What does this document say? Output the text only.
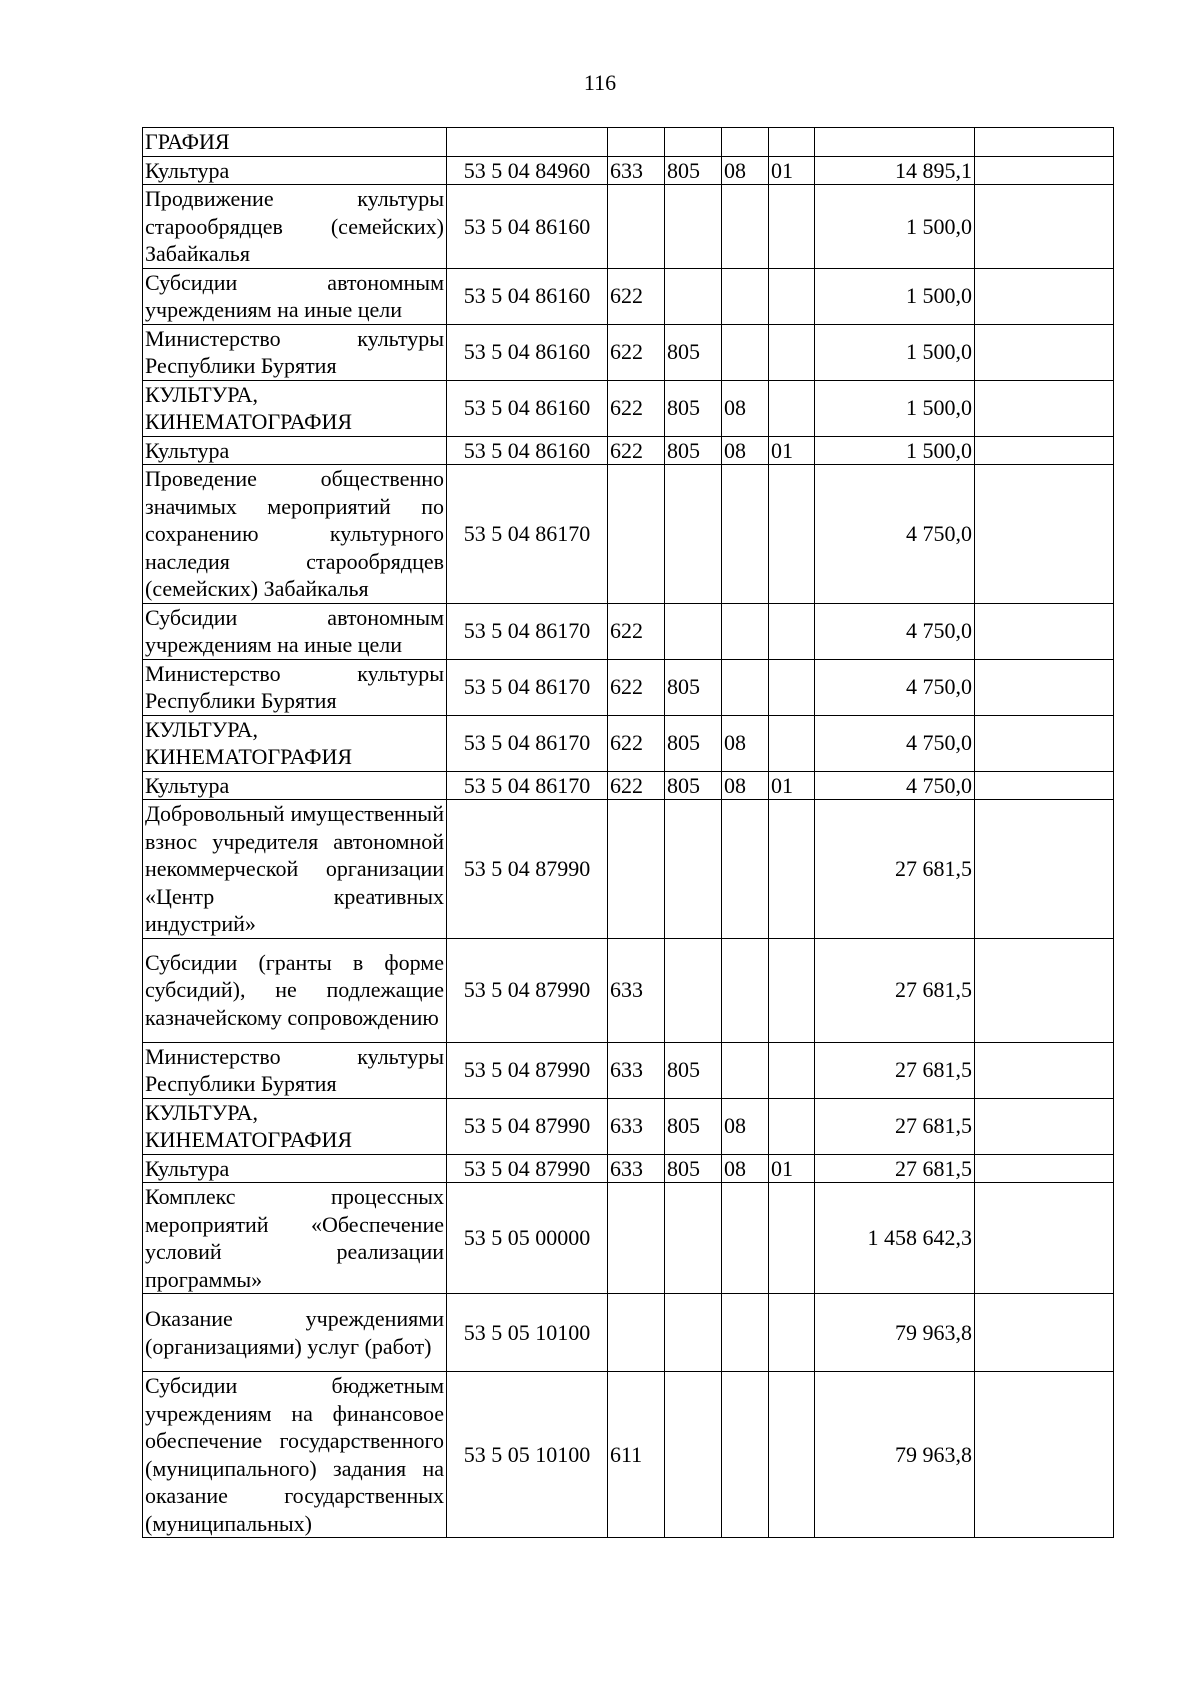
116
ГРАФИЯ							
Культура	53 5 04 84960	633	805	08	01	14 895,1	
Продвижение культуры старообрядцев (семейских) Забайкалья	53 5 04 86160					1 500,0	
Субсидии автономным учреждениям на иные цели	53 5 04 86160	622				1 500,0	
Министерство культуры Республики Бурятия	53 5 04 86160	622	805			1 500,0	
КУЛЬТУРА, КИНЕМАТОГРАФИЯ	53 5 04 86160	622	805	08		1 500,0	
Культура	53 5 04 86160	622	805	08	01	1 500,0	
Проведение общественно значимых мероприятий по сохранению культурного наследия старообрядцев (семейских) Забайкалья	53 5 04 86170					4 750,0	
Субсидии автономным учреждениям на иные цели	53 5 04 86170	622				4 750,0	
Министерство культуры Республики Бурятия	53 5 04 86170	622	805			4 750,0	
КУЛЬТУРА, КИНЕМАТОГРАФИЯ	53 5 04 86170	622	805	08		4 750,0	
Культура	53 5 04 86170	622	805	08	01	4 750,0	
Добровольный имущественный взнос учредителя автономной некоммерческой организации «Центр креативных индустрий»	53 5 04 87990					27 681,5	
Субсидии (гранты в форме субсидий), не подлежащие казначейскому сопровождению	53 5 04 87990	633				27 681,5	
Министерство культуры Республики Бурятия	53 5 04 87990	633	805			27 681,5	
КУЛЬТУРА, КИНЕМАТОГРАФИЯ	53 5 04 87990	633	805	08		27 681,5	
Культура	53 5 04 87990	633	805	08	01	27 681,5	
Комплекс процессных мероприятий «Обеспечение условий реализации программы»	53 5 05 00000					1 458 642,3	
Оказание учреждениями (организациями) услуг (работ)	53 5 05 10100					79 963,8	
Субсидии бюджетным учреждениям на финансовое обеспечение государственного (муниципального) задания на оказание государственных (муниципальных)	53 5 05 10100	611				79 963,8	
